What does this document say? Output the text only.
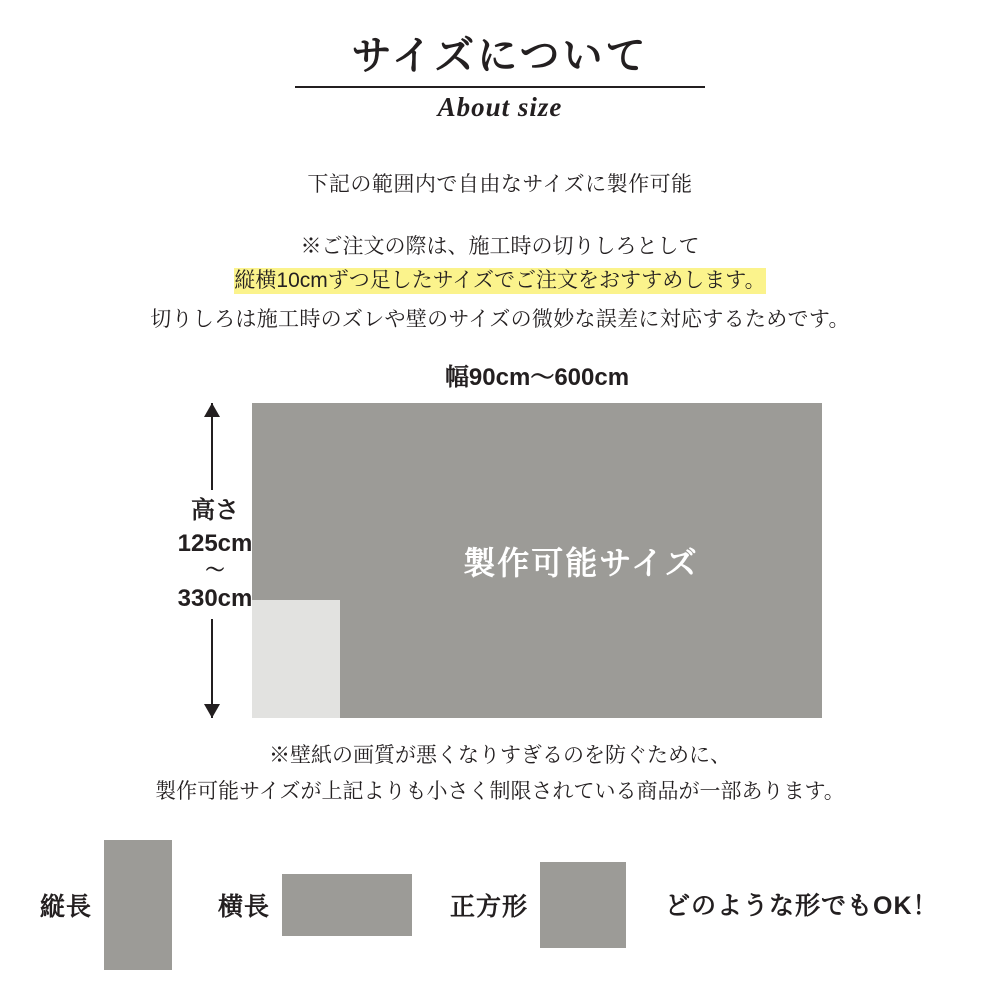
サイズについて
About size
下記の範囲内で自由なサイズに製作可能
※ご注文の際は、施工時の切りしろとして
縦横10cmずつ足したサイズでご注文をおすすめします。
切りしろは施工時のズレや壁のサイズの微妙な誤差に対応するためです。
幅90cm〜600cm
高さ
125cm
〜
330cm
製作可能サイズ
※壁紙の画質が悪くなりすぎるのを防ぐために、
製作可能サイズが上記よりも小さく制限されている商品が一部あります。
縦長	横長	正方形	どのような形でもOK！
